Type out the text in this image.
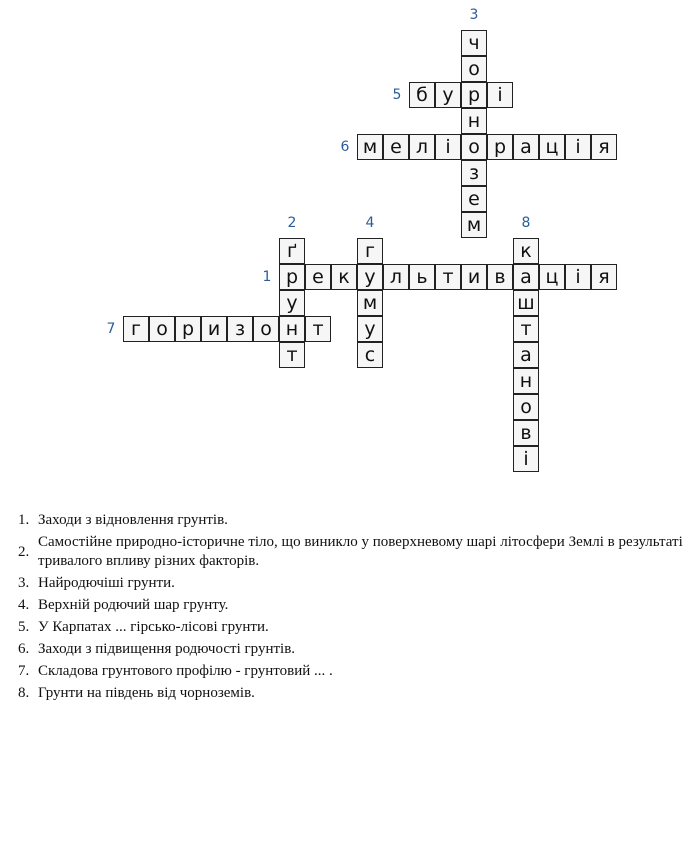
р е к у л ь т и в а ц і я
1
ґ
у
н
т
2
ч
о
р
н
о
з
е
м
3
г
м
у
с
4
б у	і
5
м е л і	р а ц і я
6
г о р и з о	т
7
к
ш
т
а
н
о
в
і
8
1. Заходи з відновлення грунтів.
2.
Самостійне природно-історичне тіло, що виникло у поверхневому шарі літосфери Землі в результаті тривалого впливу різних факторів.
3. Найродючіші грунти.
4. Верхній родючий шар грунту.
5. У Карпатах ... гірсько-лісові грунти.
6. Заходи з підвищення родючості грунтів.
7. Складова грунтового профілю - грунтовий ... .
8. Грунти на південь від чорноземів.
